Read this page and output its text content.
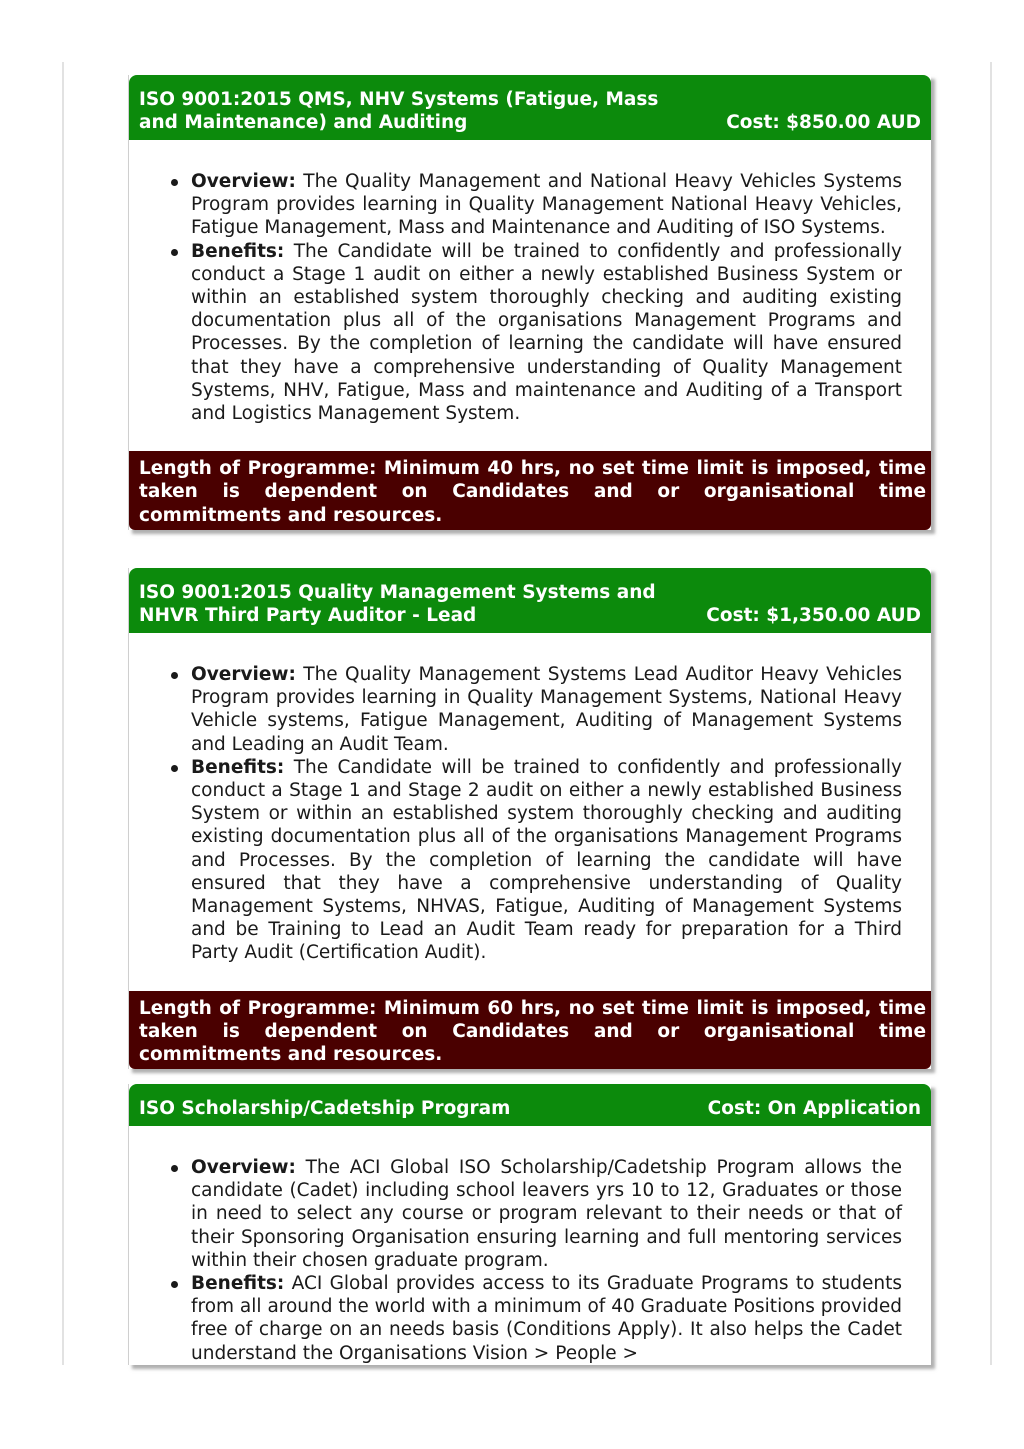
ISO 9001:2015 QMS, NHV Systems (Fatigue, Mass and Maintenance) and Auditing	Cost: $850.00 AUD
Overview: The Quality Management and National Heavy Vehicles Systems Program provides learning in Quality Management National Heavy Vehicles, Fatigue Management, Mass and Maintenance and Auditing of ISO Systems.
Benefits: The Candidate will be trained to confidently and professionally conduct a Stage 1 audit on either a newly established Business System or within an established system thoroughly checking and auditing existing documentation plus all of the organisations Management Programs and Processes. By the completion of learning the candidate will have ensured that they have a comprehensive understanding of Quality Management Systems, NHV, Fatigue, Mass and maintenance and Auditing of a Transport and Logistics Management System.
Length of Programme: Minimum 40 hrs, no set time limit is imposed, time taken is dependent on Candidates and or organisational time commitments and resources.
ISO 9001:2015 Quality Management Systems and NHVR Third Party Auditor - Lead	Cost: $1,350.00 AUD
Overview: The Quality Management Systems Lead Auditor Heavy Vehicles Program provides learning in Quality Management Systems, National Heavy Vehicle systems, Fatigue Management, Auditing of Management Systems and Leading an Audit Team.
Benefits: The Candidate will be trained to confidently and professionally conduct a Stage 1 and Stage 2 audit on either a newly established Business System or within an established system thoroughly checking and auditing existing documentation plus all of the organisations Management Programs and Processes. By the completion of learning the candidate will have ensured that they have a comprehensive understanding of Quality Management Systems, NHVAS, Fatigue, Auditing of Management Systems and be Training to Lead an Audit Team ready for preparation for a Third Party Audit (Certification Audit).
Length of Programme: Minimum 60 hrs, no set time limit is imposed, time taken is dependent on Candidates and or organisational time commitments and resources.
ISO Scholarship/Cadetship Program	Cost: On Application
Overview: The ACI Global ISO Scholarship/Cadetship Program allows the candidate (Cadet) including school leavers yrs 10 to 12, Graduates or those in need to select any course or program relevant to their needs or that of their Sponsoring Organisation ensuring learning and full mentoring services within their chosen graduate program.
Benefits: ACI Global provides access to its Graduate Programs to students from all around the world with a minimum of 40 Graduate Positions provided free of charge on an needs basis (Conditions Apply). It also helps the Cadet understand the Organisations Vision > People >
